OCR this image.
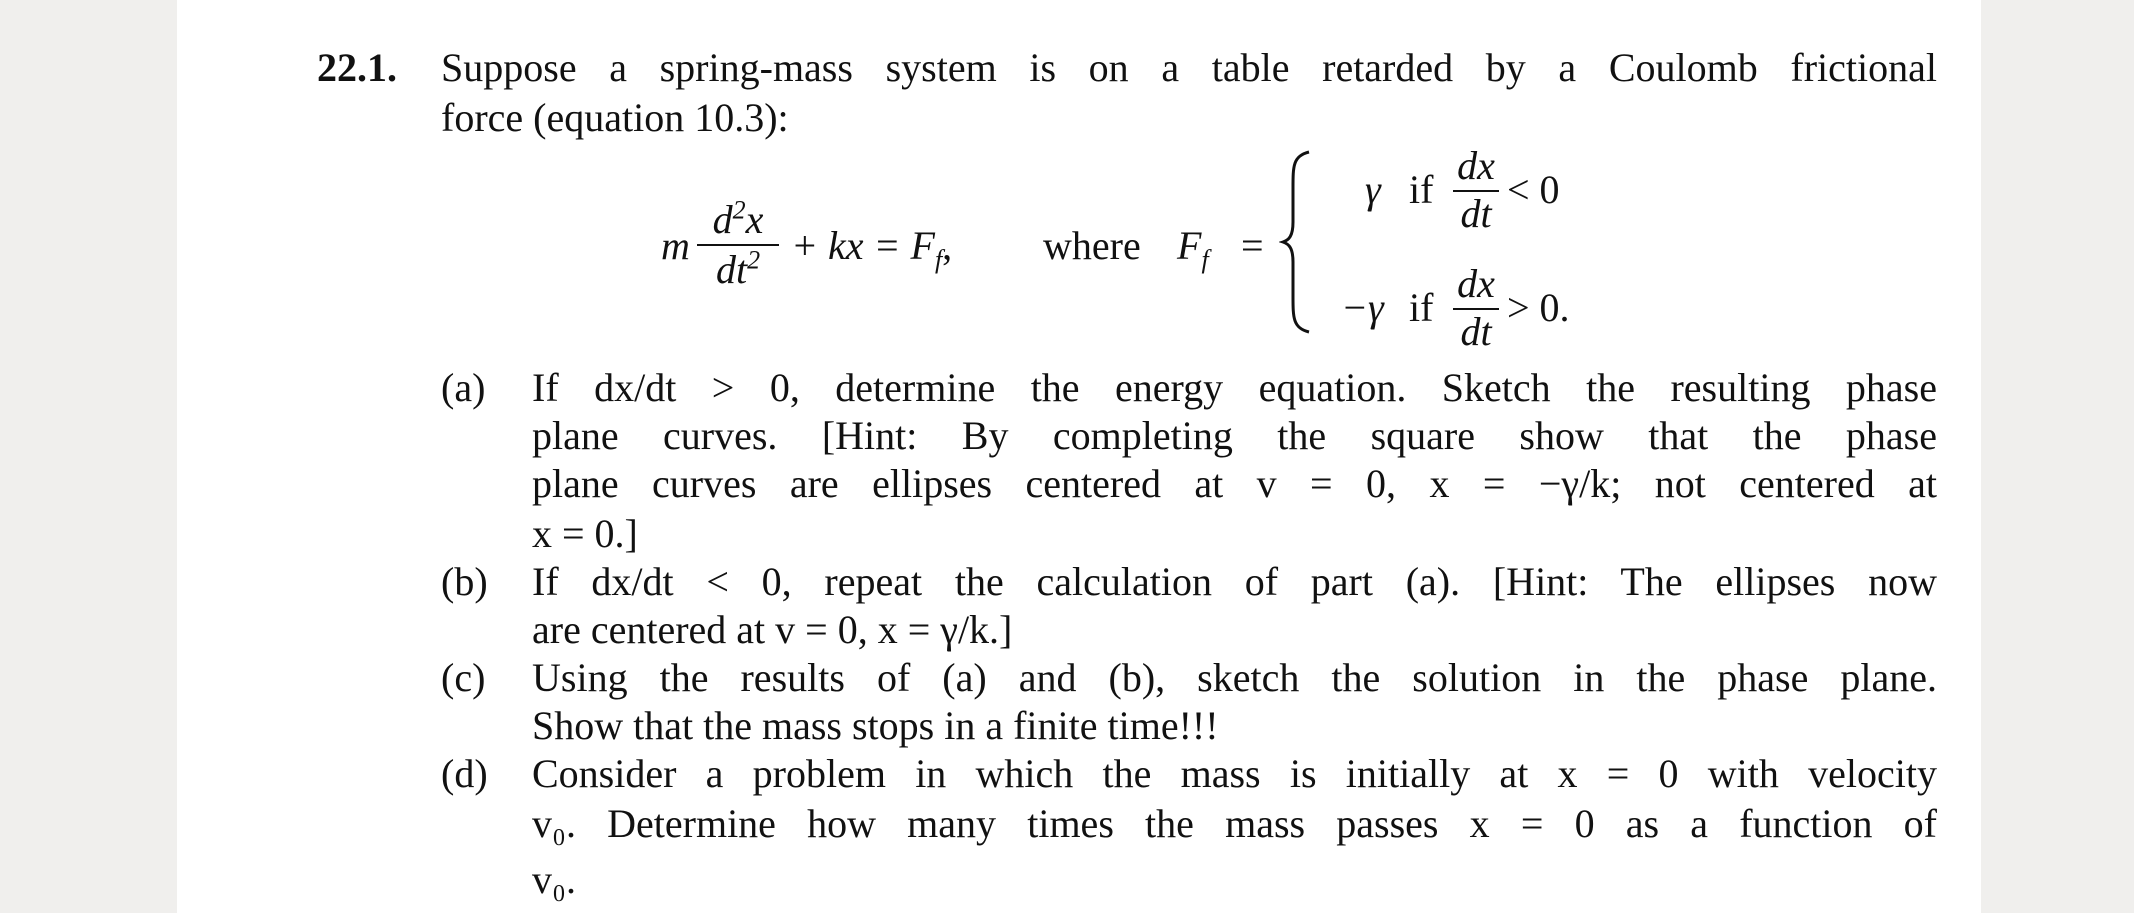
22.1. Suppose a spring-mass system is on a table retarded by a Coulomb frictional
force (equation 10.3):
m
$d^2x$
$dt^2$ + kx = $F_f$, where $F_f$ =
γ if
dx
dt
< 0
−γ if
dx
dt
> 0.
(a) If dx/dt > 0, determine the energy equation. Sketch the resulting phase
plane curves. [Hint: By completing the square show that the phase
plane curves are ellipses centered at v = 0, x = −γ/k; not centered at
x = 0.]
(b) If dx/dt < 0, repeat the calculation of part (a). [Hint: The ellipses now
are centered at v = 0, x = γ/k.]
(c) Using the results of (a) and (b), sketch the solution in the phase plane.
Show that the mass stops in a finite time!!!
(d) Consider a problem in which the mass is initially at x = 0 with velocity
v₀. Determine how many times the mass passes x = 0 as a function of
v₀.
